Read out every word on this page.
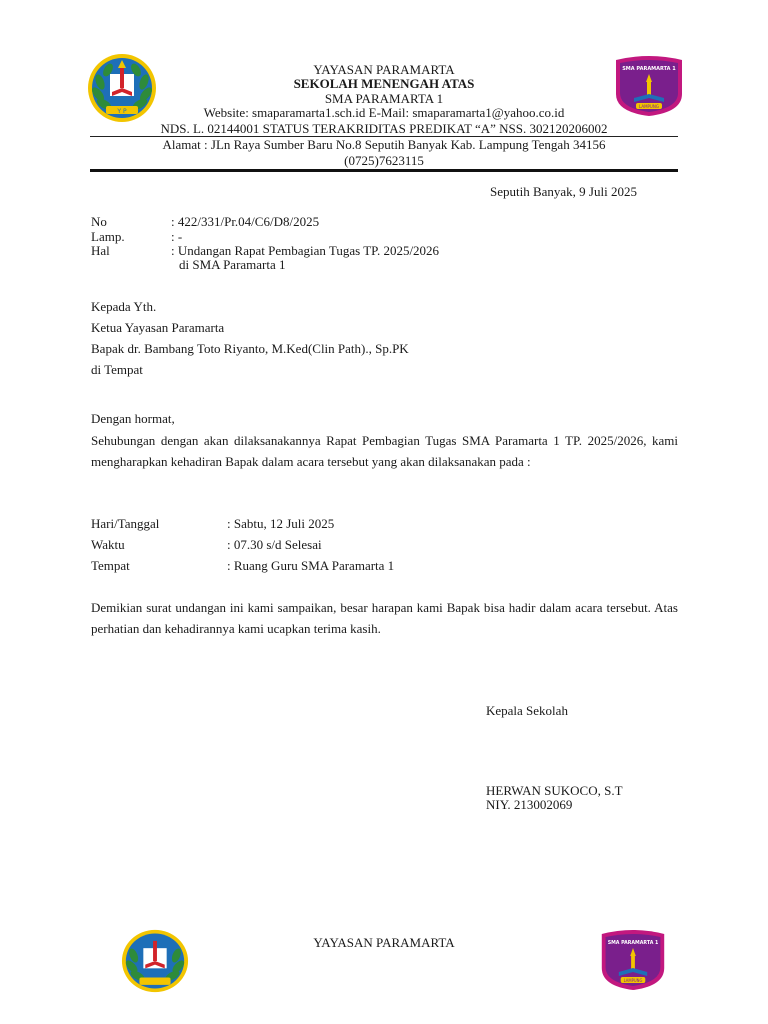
Y P
SMA PARAMARTA 1
LAMPUNG
YAYASAN PARAMARTA
SEKOLAH MENENGAH ATAS
SMA PARAMARTA 1
Website: smaparamarta1.sch.id E-Mail: smaparamarta1@yahoo.co.id
NDS. L. 02144001 STATUS TERAKRIDITAS PREDIKAT “A” NSS. 302120206002
Alamat : JLn Raya Sumber Baru No.8 Seputih Banyak Kab. Lampung Tengah 34156
(0725)7623115
Seputih Banyak, 9 Juli 2025
No	: 422/331/Pr.04/C6/D8/2025
Lamp.	: -
Hal	: Undangan Rapat Pembagian Tugas TP. 2025/2026
di SMA Paramarta 1
Kepada Yth.
Ketua Yayasan Paramarta
Bapak dr. Bambang Toto Riyanto, M.Ked(Clin Path)., Sp.PK
di Tempat
Dengan hormat,
Sehubungan dengan akan dilaksanakannya Rapat Pembagian Tugas SMA Paramarta 1 TP. 2025/2026, kami mengharapkan kehadiran Bapak dalam acara tersebut yang akan dilaksanakan pada :
Hari/Tanggal	: Sabtu, 12 Juli 2025
Waktu	: 07.30 s/d Selesai
Tempat	: Ruang Guru SMA Paramarta 1
Demikian surat undangan ini kami sampaikan, besar harapan kami Bapak bisa hadir dalam acara tersebut. Atas perhatian dan kehadirannya kami ucapkan terima kasih.
Kepala Sekolah
HERWAN SUKOCO, S.T
NIY. 213002069
YAYASAN PARAMARTA	SMA PARAMARTA 1
LAMPUNG
